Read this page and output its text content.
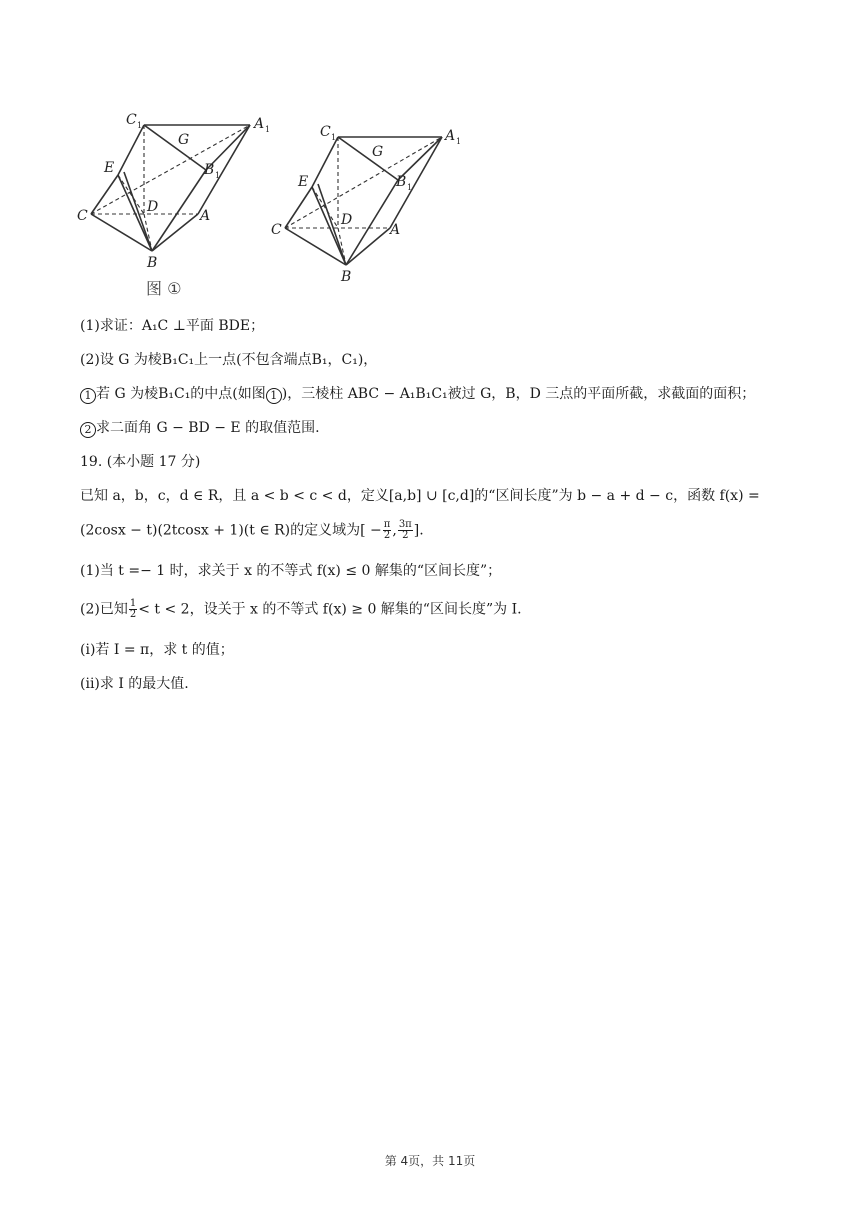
C 1	A 1
G
E	B 1
C
D
A
B
图 ①
C 1	A 1
G
E	B 1
C
D
A
B
(1)求证：A₁C ⊥平面 BDE；
(2)设 G 为棱B₁C₁上一点(不包含端点B₁，C₁)，
1 若 G 为棱B₁C₁的中点(如图 1 )，三棱柱 ABC − A₁B₁C₁被过 G，B，D 三点的平面所截，求截面的面积；
2 求二面角 G − BD − E 的取值范围.
19. (本小题 17 分)
已知 a，b，c，d ∈ R，且 a < b < c < d，定义[a,b] ∪ [c,d]的“区间长度”为 b − a + d − c，函数 f(x) =
(2cosx − t)(2tcosx + 1)(t ∈ R)的定义域为[ − $\frac{\pi}{2}$ , $\frac{3\pi}{2}$ ].
(1)当 t =− 1 时，求关于 x 的不等式 f(x) ≤ 0 解集的“区间长度”；
(2)已知 $\frac{1}{2} < t < 2$，设关于 x 的不等式 f(x) ≥ 0 解集的“区间长度”为 I.
(i)若 I = π，求 t 的值；
(ii)求 I 的最大值.
第 4页，共 11页
